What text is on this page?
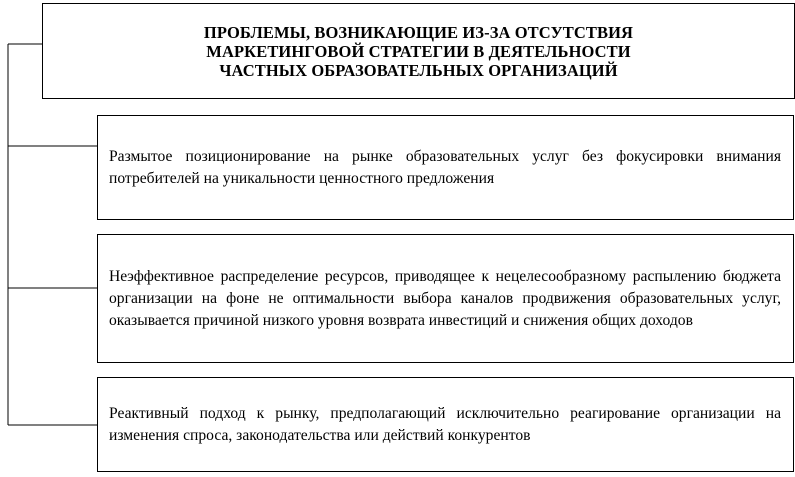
ПРОБЛЕМЫ, ВОЗНИКАЮЩИЕ ИЗ-ЗА ОТСУТСТВИЯ
МАРКЕТИНГОВОЙ СТРАТЕГИИ В ДЕЯТЕЛЬНОСТИ
ЧАСТНЫХ ОБРАЗОВАТЕЛЬНЫХ ОРГАНИЗАЦИЙ
Размытое позиционирование на рынке образовательных услуг без фокусировки внимания потребителей на уникальности ценностного предложения
Неэффективное распределение ресурсов, приводящее к нецелесообразному распылению бюджета организации на фоне не оптимальности выбора каналов продвижения образовательных услуг, оказывается причиной низкого уровня возврата инвестиций и снижения общих доходов
Реактивный подход к рынку, предполагающий исключительно реагирование организации на изменения спроса, законодательства или действий конкурентов
